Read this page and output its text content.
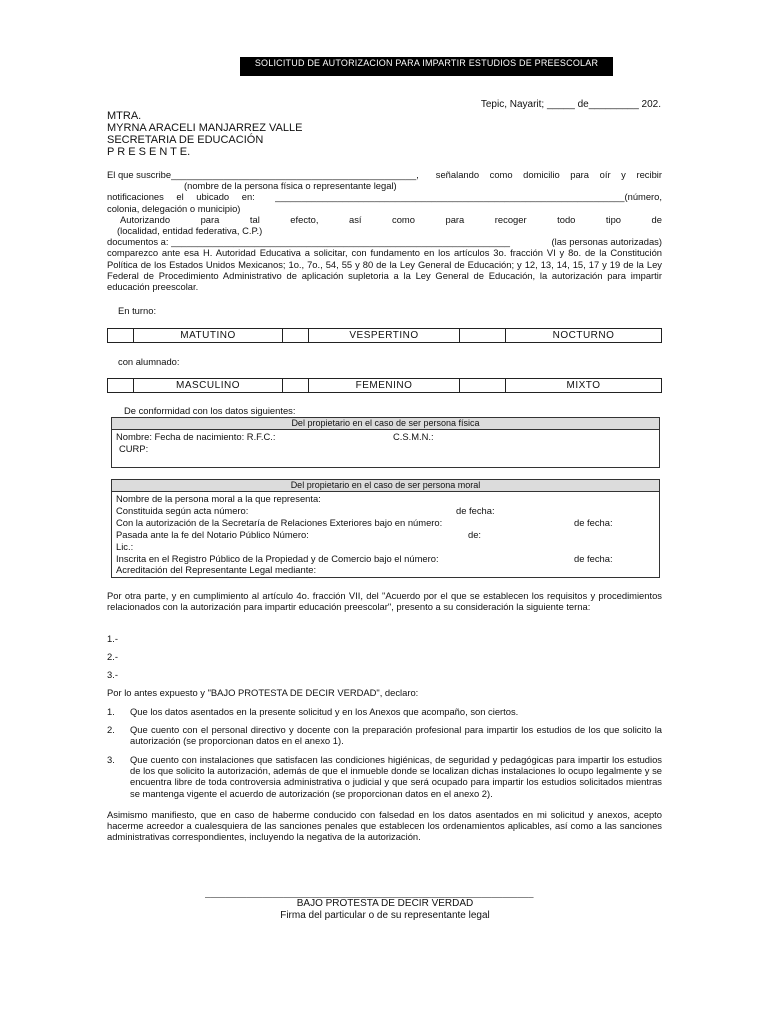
SOLICITUD DE AUTORIZACION PARA IMPARTIR ESTUDIOS DE PREESCOLAR
Tepic, Nayarit; _____ de_________ 202.
MTRA.
MYRNA ARACELI MANJARREZ VALLE
SECRETARIA DE EDUCACIÓN
P R E S E N T E.
El que suscribe_______________________________________________, señalando como domicilio para oír y recibir
(nombre de la persona física o representante legal)
notificaciones el ubicado en: ___________________________________________________________________(número,
colonia, delegación o municipio)
Autorizando para tal efecto, así como para recoger todo tipo de
(localidad, entidad federativa, C.P.)
documentos a: _________________________________________________________________	(las personas autorizadas)
comparezco ante esa H. Autoridad Educativa a solicitar, con fundamento en los artículos 3o. fracción VI y 8o. de la Constitución Política de los Estados Unidos Mexicanos; 1o., 7o., 54, 55 y 80 de la Ley General de Educación; y 12, 13, 14, 15, 17 y 19 de la Ley Federal de Procedimiento Administrativo de aplicación supletoria a la Ley General de Educación, la autorización para impartir educación preescolar.
En turno:
	MATUTINO		VESPERTINO		NOCTURNO
con alumnado:
	MASCULINO		FEMENINO		MIXTO
De conformidad con los datos siguientes:
Del propietario en el caso de ser persona física
Nombre: Fecha de nacimiento: R.F.C.:	C.S.M.N.:
CURP:
Del propietario en el caso de ser persona moral
Nombre de la persona moral a la que representa:
Constituida según acta número:	de fecha:
Con la autorización de la Secretaría de Relaciones Exteriores bajo en número:	de fecha:
Pasada ante la fe del Notario Público Número:	de:
Lic.:
Inscrita en el Registro Público de la Propiedad y de Comercio bajo el número:	de fecha:
Acreditación del Representante Legal mediante:
Por otra parte, y en cumplimiento al artículo 4o. fracción VII, del "Acuerdo por el que se establecen los requisitos y procedimientos relacionados con la autorización para impartir educación preescolar", presento a su consideración la siguiente terna:
1.-
2.-
3.-
Por lo antes expuesto y "BAJO PROTESTA DE DECIR VERDAD", declaro:
1. Que los datos asentados en la presente solicitud y en los Anexos que acompaño, son ciertos.
2. Que cuento con el personal directivo y docente con la preparación profesional para impartir los estudios de los que solicito la autorización (se proporcionan datos en el anexo 1).
3. Que cuento con instalaciones que satisfacen las condiciones higiénicas, de seguridad y pedagógicas para impartir los estudios de los que solicito la autorización, además de que el inmueble donde se localizan dichas instalaciones lo ocupo legalmente y se encuentra libre de toda controversia administrativa o judicial y que será ocupado para impartir los estudios solicitados mientras se mantenga vigente el acuerdo de autorización (se proporcionan datos en el anexo 2).
Asimismo manifiesto, que en caso de haberme conducido con falsedad en los datos asentados en mi solicitud y anexos, acepto hacerme acreedor a cualesquiera de las sanciones penales que establecen los ordenamientos aplicables, así como a las sanciones administrativas correspondientes, incluyendo la negativa de la autorización.
_______________________________________________________________
BAJO PROTESTA DE DECIR VERDAD
Firma del particular o de su representante legal
